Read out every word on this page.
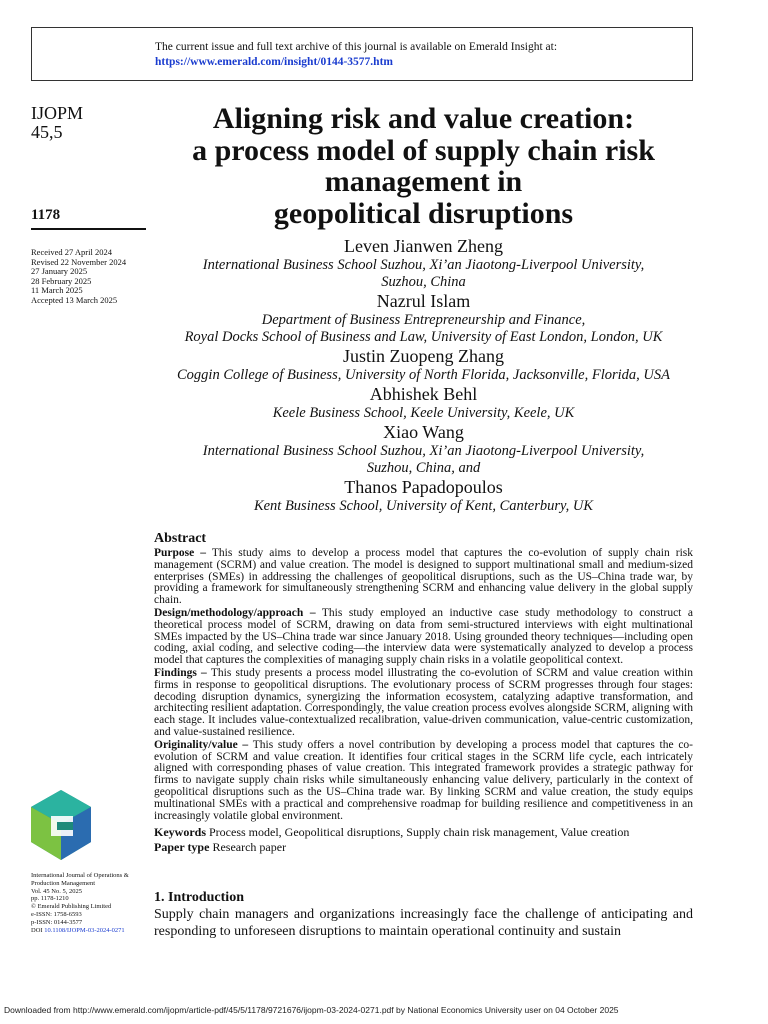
The current issue and full text archive of this journal is available on Emerald Insight at:
https://www.emerald.com/insight/0144-3577.htm
IJOPM
45,5
1178
Received 27 April 2024
Revised 22 November 2024
27 January 2025
28 February 2025
11 March 2025
Accepted 13 March 2025
Aligning risk and value creation:
a process model of supply chain risk
management in
geopolitical disruptions
Leven Jianwen Zheng
International Business School Suzhou, Xi’an Jiaotong-Liverpool University,
Suzhou, China
Nazrul Islam
Department of Business Entrepreneurship and Finance,
Royal Docks School of Business and Law, University of East London, London, UK
Justin Zuopeng Zhang
Coggin College of Business, University of North Florida, Jacksonville, Florida, USA
Abhishek Behl
Keele Business School, Keele University, Keele, UK
Xiao Wang
International Business School Suzhou, Xi’an Jiaotong-Liverpool University,
Suzhou, China, and
Thanos Papadopoulos
Kent Business School, University of Kent, Canterbury, UK
Abstract

Purpose – This study aims to develop a process model that captures the co-evolution of supply chain risk management (SCRM) and value creation. The model is designed to support multinational small and medium-sized enterprises (SMEs) in addressing the challenges of geopolitical disruptions, such as the US–China trade war, by providing a framework for simultaneously strengthening SCRM and enhancing value delivery in the global supply chain.

Design/methodology/approach – This study employed an inductive case study methodology to construct a theoretical process model of SCRM, drawing on data from semi-structured interviews with eight multinational SMEs impacted by the US–China trade war since January 2018. Using grounded theory techniques—including open coding, axial coding, and selective coding—the interview data were systematically analyzed to develop a process model that captures the complexities of managing supply chain risks in a volatile geopolitical context.

Findings – This study presents a process model illustrating the co-evolution of SCRM and value creation within firms in response to geopolitical disruptions. The evolutionary process of SCRM progresses through four stages: decoding disruption dynamics, synergizing the information ecosystem, catalyzing adaptive transformation, and architecting resilient adaptation. Correspondingly, the value creation process evolves alongside SCRM, aligning with each stage. It includes value-contextualized recalibration, value-driven communication, value-centric customization, and value-sustained resilience.

Originality/value – This study offers a novel contribution by developing a process model that captures the co-evolution of SCRM and value creation. It identifies four critical stages in the SCRM life cycle, each intricately aligned with corresponding phases of value creation. This integrated framework provides a strategic pathway for firms to navigate supply chain risks while simultaneously enhancing value delivery, particularly in the context of geopolitical disruptions such as the US–China trade war. By linking SCRM and value creation, the study equips multinational SMEs with a practical and comprehensive roadmap for building resilience and competitiveness in an increasingly volatile global environment.

Keywords Process model, Geopolitical disruptions, Supply chain risk management, Value creation
Paper type Research paper
1. Introduction
Supply chain managers and organizations increasingly face the challenge of anticipating and responding to unforeseen disruptions to maintain operational continuity and sustain
International Journal of Operations &
Production Management
Vol. 45 No. 5, 2025
pp. 1178-1210
© Emerald Publishing Limited
e-ISSN: 1758-6593
p-ISSN: 0144-3577
DOI 10.1108/IJOPM-03-2024-0271
Downloaded from http://www.emerald.com/ijopm/article-pdf/45/5/1178/9721676/ijopm-03-2024-0271.pdf by National Economics University user on 04 October 2025
